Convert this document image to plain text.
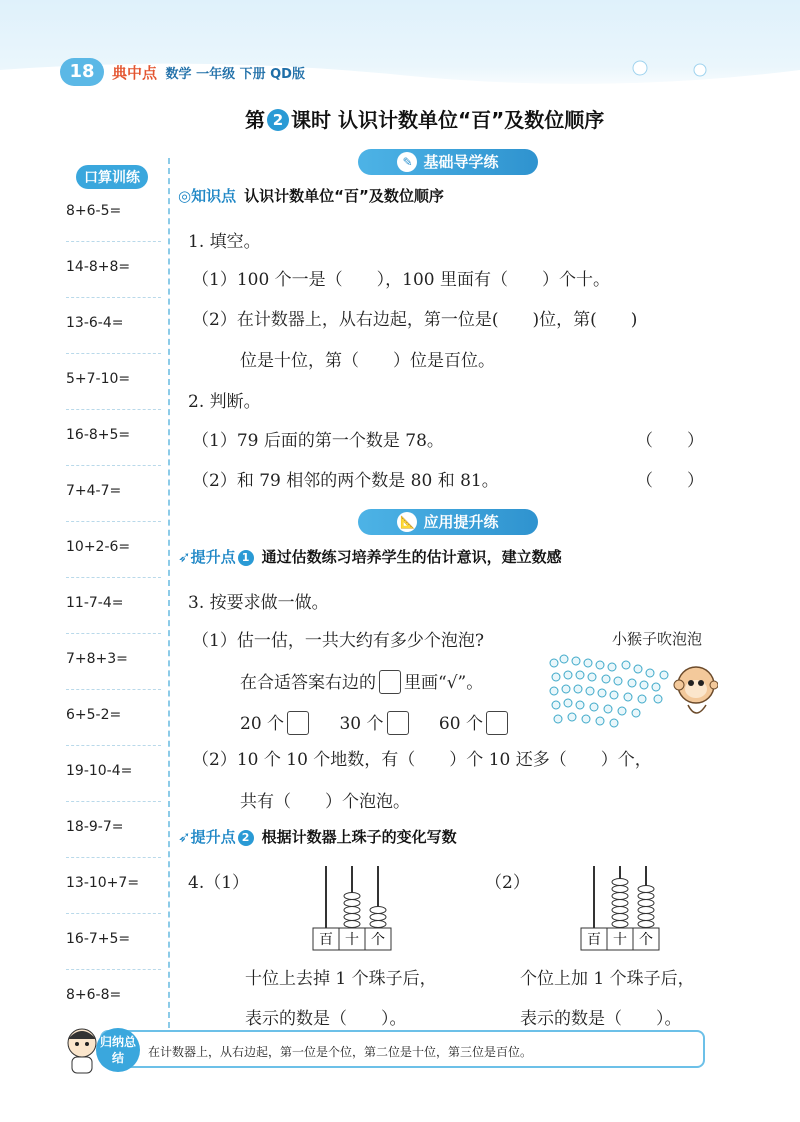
18	典中点 数学 一年级 下册 QD版
第 2 课时 认识计数单位“百”及数位顺序
口算训练
8+6-5=
14-8+8=
13-6-4=
5+7-10=
16-8+5=
7+4-7=
10+2-6=
11-7-4=
7+8+3=
6+5-2=
19-10-4=
18-9-7=
13-10+7=
16-7+5=
8+6-8=
✎ 基础导学练
◎知识点 认识计数单位“百”及数位顺序
1. 填空。
（1）100 个一是（　　），100 里面有（　　）个十。
（2）在计数器上，从右边起，第一位是(　　)位，第(　　)
位是十位，第（　　）位是百位。
2. 判断。
（1）79 后面的第一个数是 78。	（　　）
（2）和 79 相邻的两个数是 80 和 81。	（　　）
📐 应用提升练
➶提升点 1 通过估数练习培养学生的估计意识，建立数感
3. 按要求做一做。
（1）估一估，一共大约有多少个泡泡?	小猴子吹泡泡
在合适答案右边的 里画“√”。
20 个	30 个	60 个
（2）10 个 10 个地数，有（　　）个 10 还多（　　）个，
共有（　　）个泡泡。
➶提升点 2 根据计数器上珠子的变化写数
4.（1）	（2）
百 十 个	百 十 个
十位上去掉 1 个珠子后，
表示的数是（　　）。
个位上加 1 个珠子后，
表示的数是（　　）。
归纳总结	在计数器上，从右边起，第一位是个位，第二位是十位，第三位是百位。
